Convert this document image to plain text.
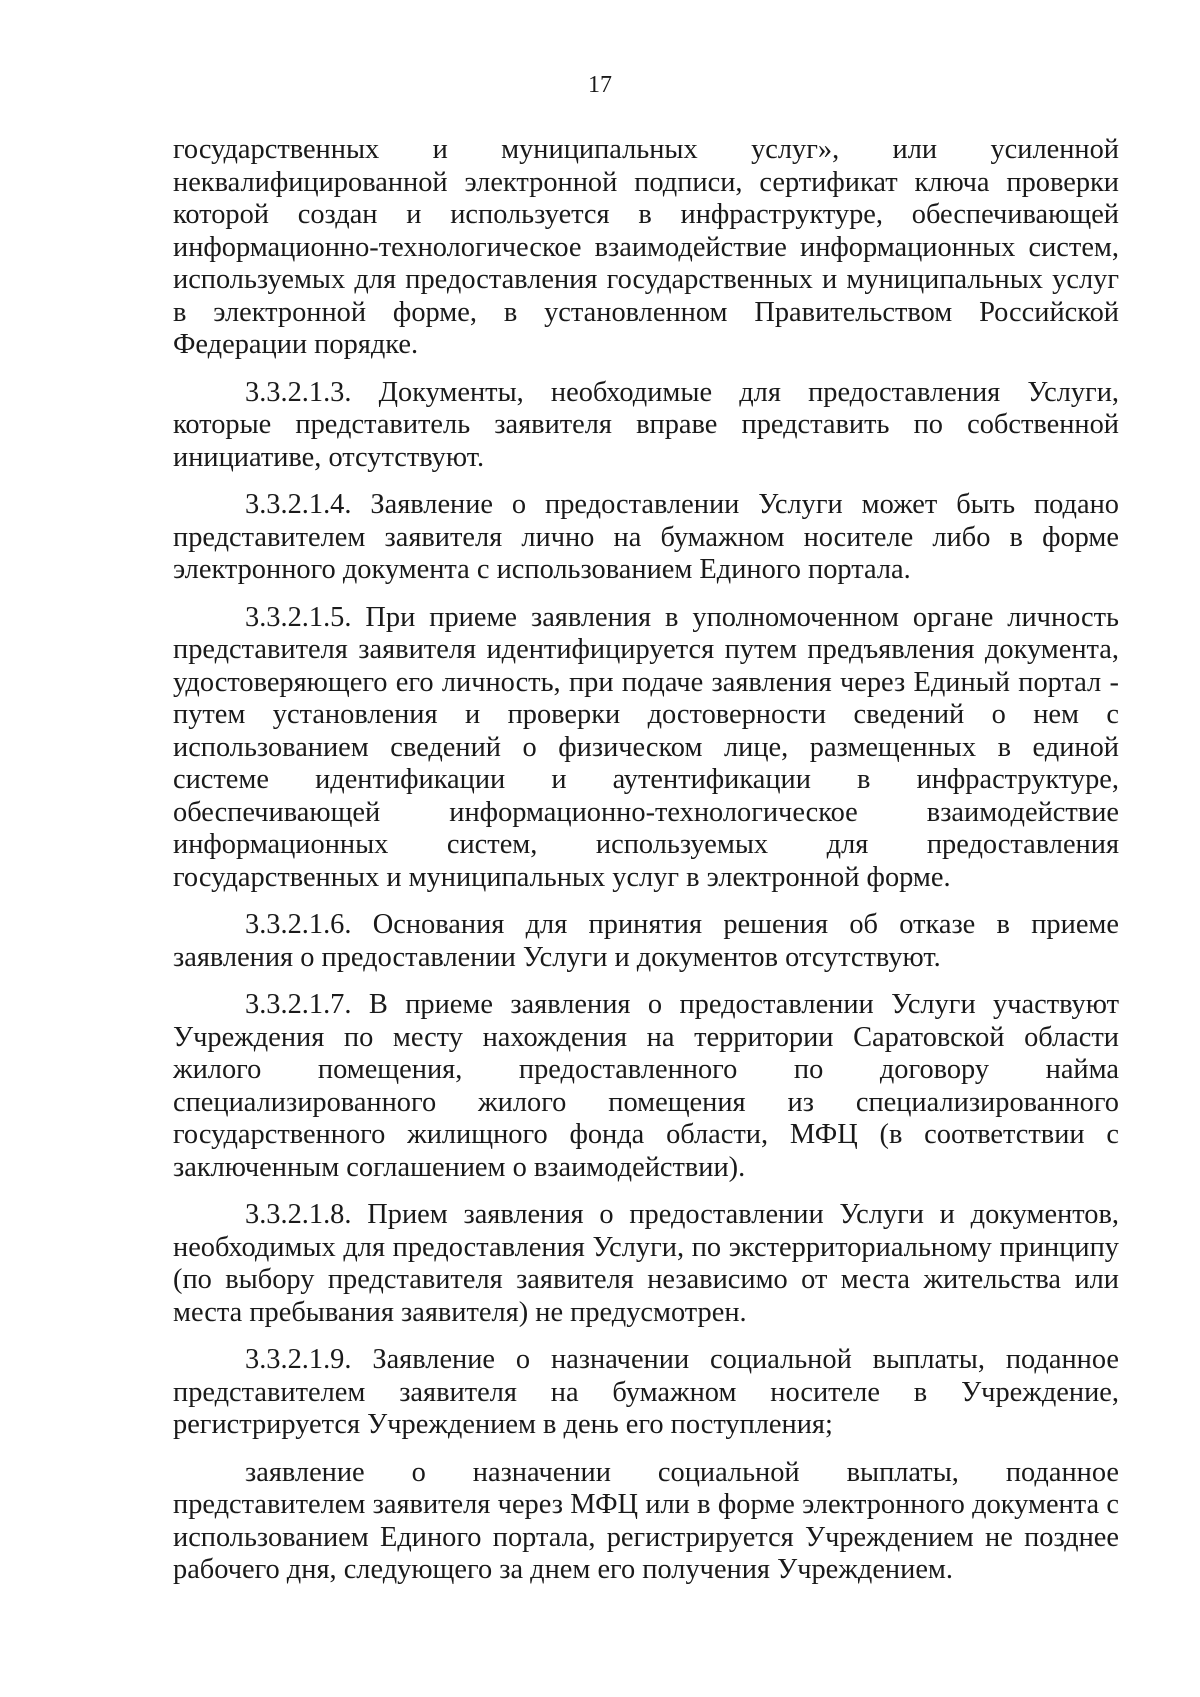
17

государственных и муниципальных услуг», или усиленной неквалифицированной электронной подписи, сертификат ключа проверки которой создан и используется в инфраструктуре, обеспечивающей информационно-технологическое взаимодействие информационных систем, используемых для предоставления государственных и муниципальных услуг в электронной форме, в установленном Правительством Российской Федерации порядке.

3.3.2.1.3. Документы, необходимые для предоставления Услуги, которые представитель заявителя вправе представить по собственной инициативе, отсутствуют.

3.3.2.1.4. Заявление о предоставлении Услуги может быть подано представителем заявителя лично на бумажном носителе либо в форме электронного документа с использованием Единого портала.

3.3.2.1.5. При приеме заявления в уполномоченном органе личность представителя заявителя идентифицируется путем предъявления документа, удостоверяющего его личность, при подаче заявления через Единый портал - путем установления и проверки достоверности сведений о нем с использованием сведений о физическом лице, размещенных в единой системе идентификации и аутентификации в инфраструктуре, обеспечивающей информационно-технологическое взаимодействие информационных систем, используемых для предоставления государственных и муниципальных услуг в электронной форме.

3.3.2.1.6. Основания для принятия решения об отказе в приеме заявления о предоставлении Услуги и документов отсутствуют.

3.3.2.1.7. В приеме заявления о предоставлении Услуги участвуют Учреждения по месту нахождения на территории Саратовской области жилого помещения, предоставленного по договору найма специализированного жилого помещения из специализированного государственного жилищного фонда области, МФЦ (в соответствии с заключенным соглашением о взаимодействии).

3.3.2.1.8. Прием заявления о предоставлении Услуги и документов, необходимых для предоставления Услуги, по экстерриториальному принципу (по выбору представителя заявителя независимо от места жительства или места пребывания заявителя) не предусмотрен.

3.3.2.1.9. Заявление о назначении социальной выплаты, поданное представителем заявителя на бумажном носителе в Учреждение, регистрируется Учреждением в день его поступления;

заявление о назначении социальной выплаты, поданное представителем заявителя через МФЦ или в форме электронного документа с использованием Единого портала, регистрируется Учреждением не позднее рабочего дня, следующего за днем его получения Учреждением.
